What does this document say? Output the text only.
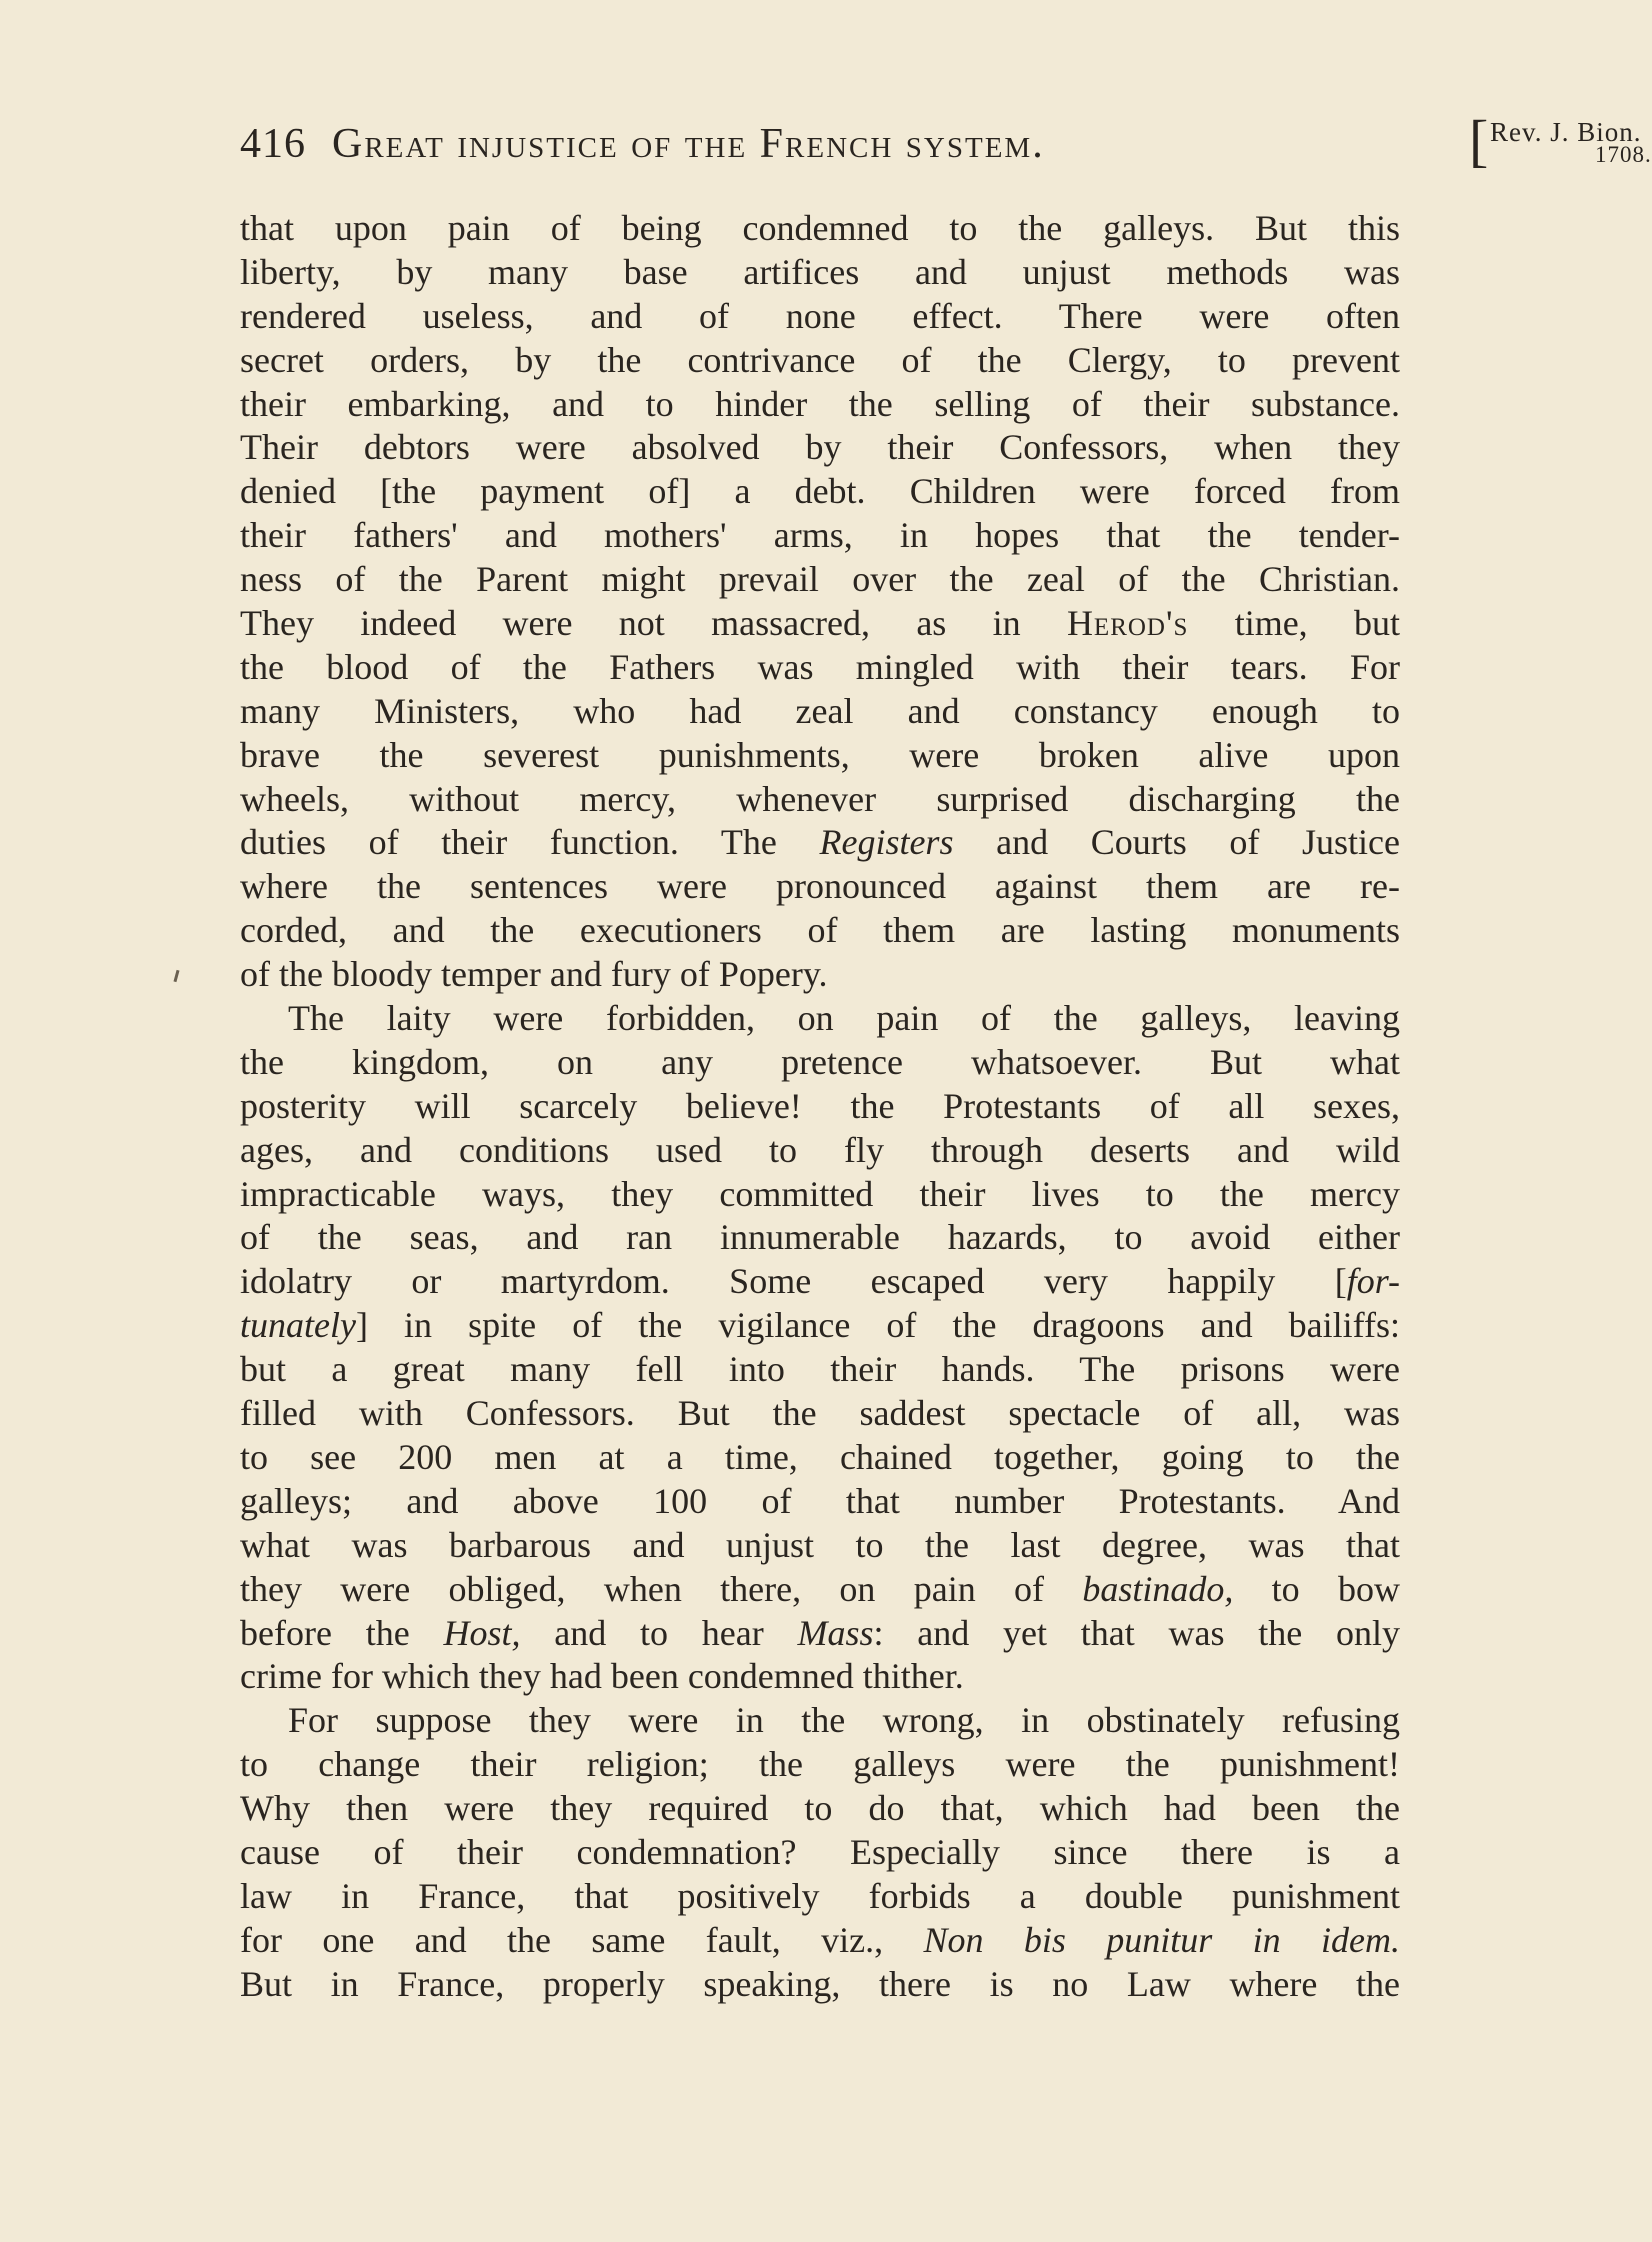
416 Great injustice of the French system.	[ Rev. J. Bion.
1708.
that upon pain of being condemned to the galleys. But this
liberty, by many base artifices and unjust methods was
rendered useless, and of none effect. There were often
secret orders, by the contrivance of the Clergy, to prevent
their embarking, and to hinder the selling of their substance.
Their debtors were absolved by their Confessors, when they
denied [the payment of] a debt. Children were forced from
their fathers' and mothers' arms, in hopes that the tender-
ness of the Parent might prevail over the zeal of the Christian.
They indeed were not massacred, as in Herod's time, but
the blood of the Fathers was mingled with their tears. For
many Ministers, who had zeal and constancy enough to
brave the severest punishments, were broken alive upon
wheels, without mercy, whenever surprised discharging the
duties of their function. The Registers and Courts of Justice
where the sentences were pronounced against them are re-
corded, and the executioners of them are lasting monuments
of the bloody temper and fury of Popery.
The laity were forbidden, on pain of the galleys, leaving
the kingdom, on any pretence whatsoever. But what
posterity will scarcely believe! the Protestants of all sexes,
ages, and conditions used to fly through deserts and wild
impracticable ways, they committed their lives to the mercy
of the seas, and ran innumerable hazards, to avoid either
idolatry or martyrdom. Some escaped very happily [for-
tunately] in spite of the vigilance of the dragoons and bailiffs:
but a great many fell into their hands. The prisons were
filled with Confessors. But the saddest spectacle of all, was
to see 200 men at a time, chained together, going to the
galleys; and above 100 of that number Protestants. And
what was barbarous and unjust to the last degree, was that
they were obliged, when there, on pain of bastinado, to bow
before the Host, and to hear Mass: and yet that was the only
crime for which they had been condemned thither.
For suppose they were in the wrong, in obstinately refusing
to change their religion; the galleys were the punishment!
Why then were they required to do that, which had been the
cause of their condemnation? Especially since there is a
law in France, that positively forbids a double punishment
for one and the same fault, viz., Non bis punitur in idem.
But in France, properly speaking, there is no Law where the
